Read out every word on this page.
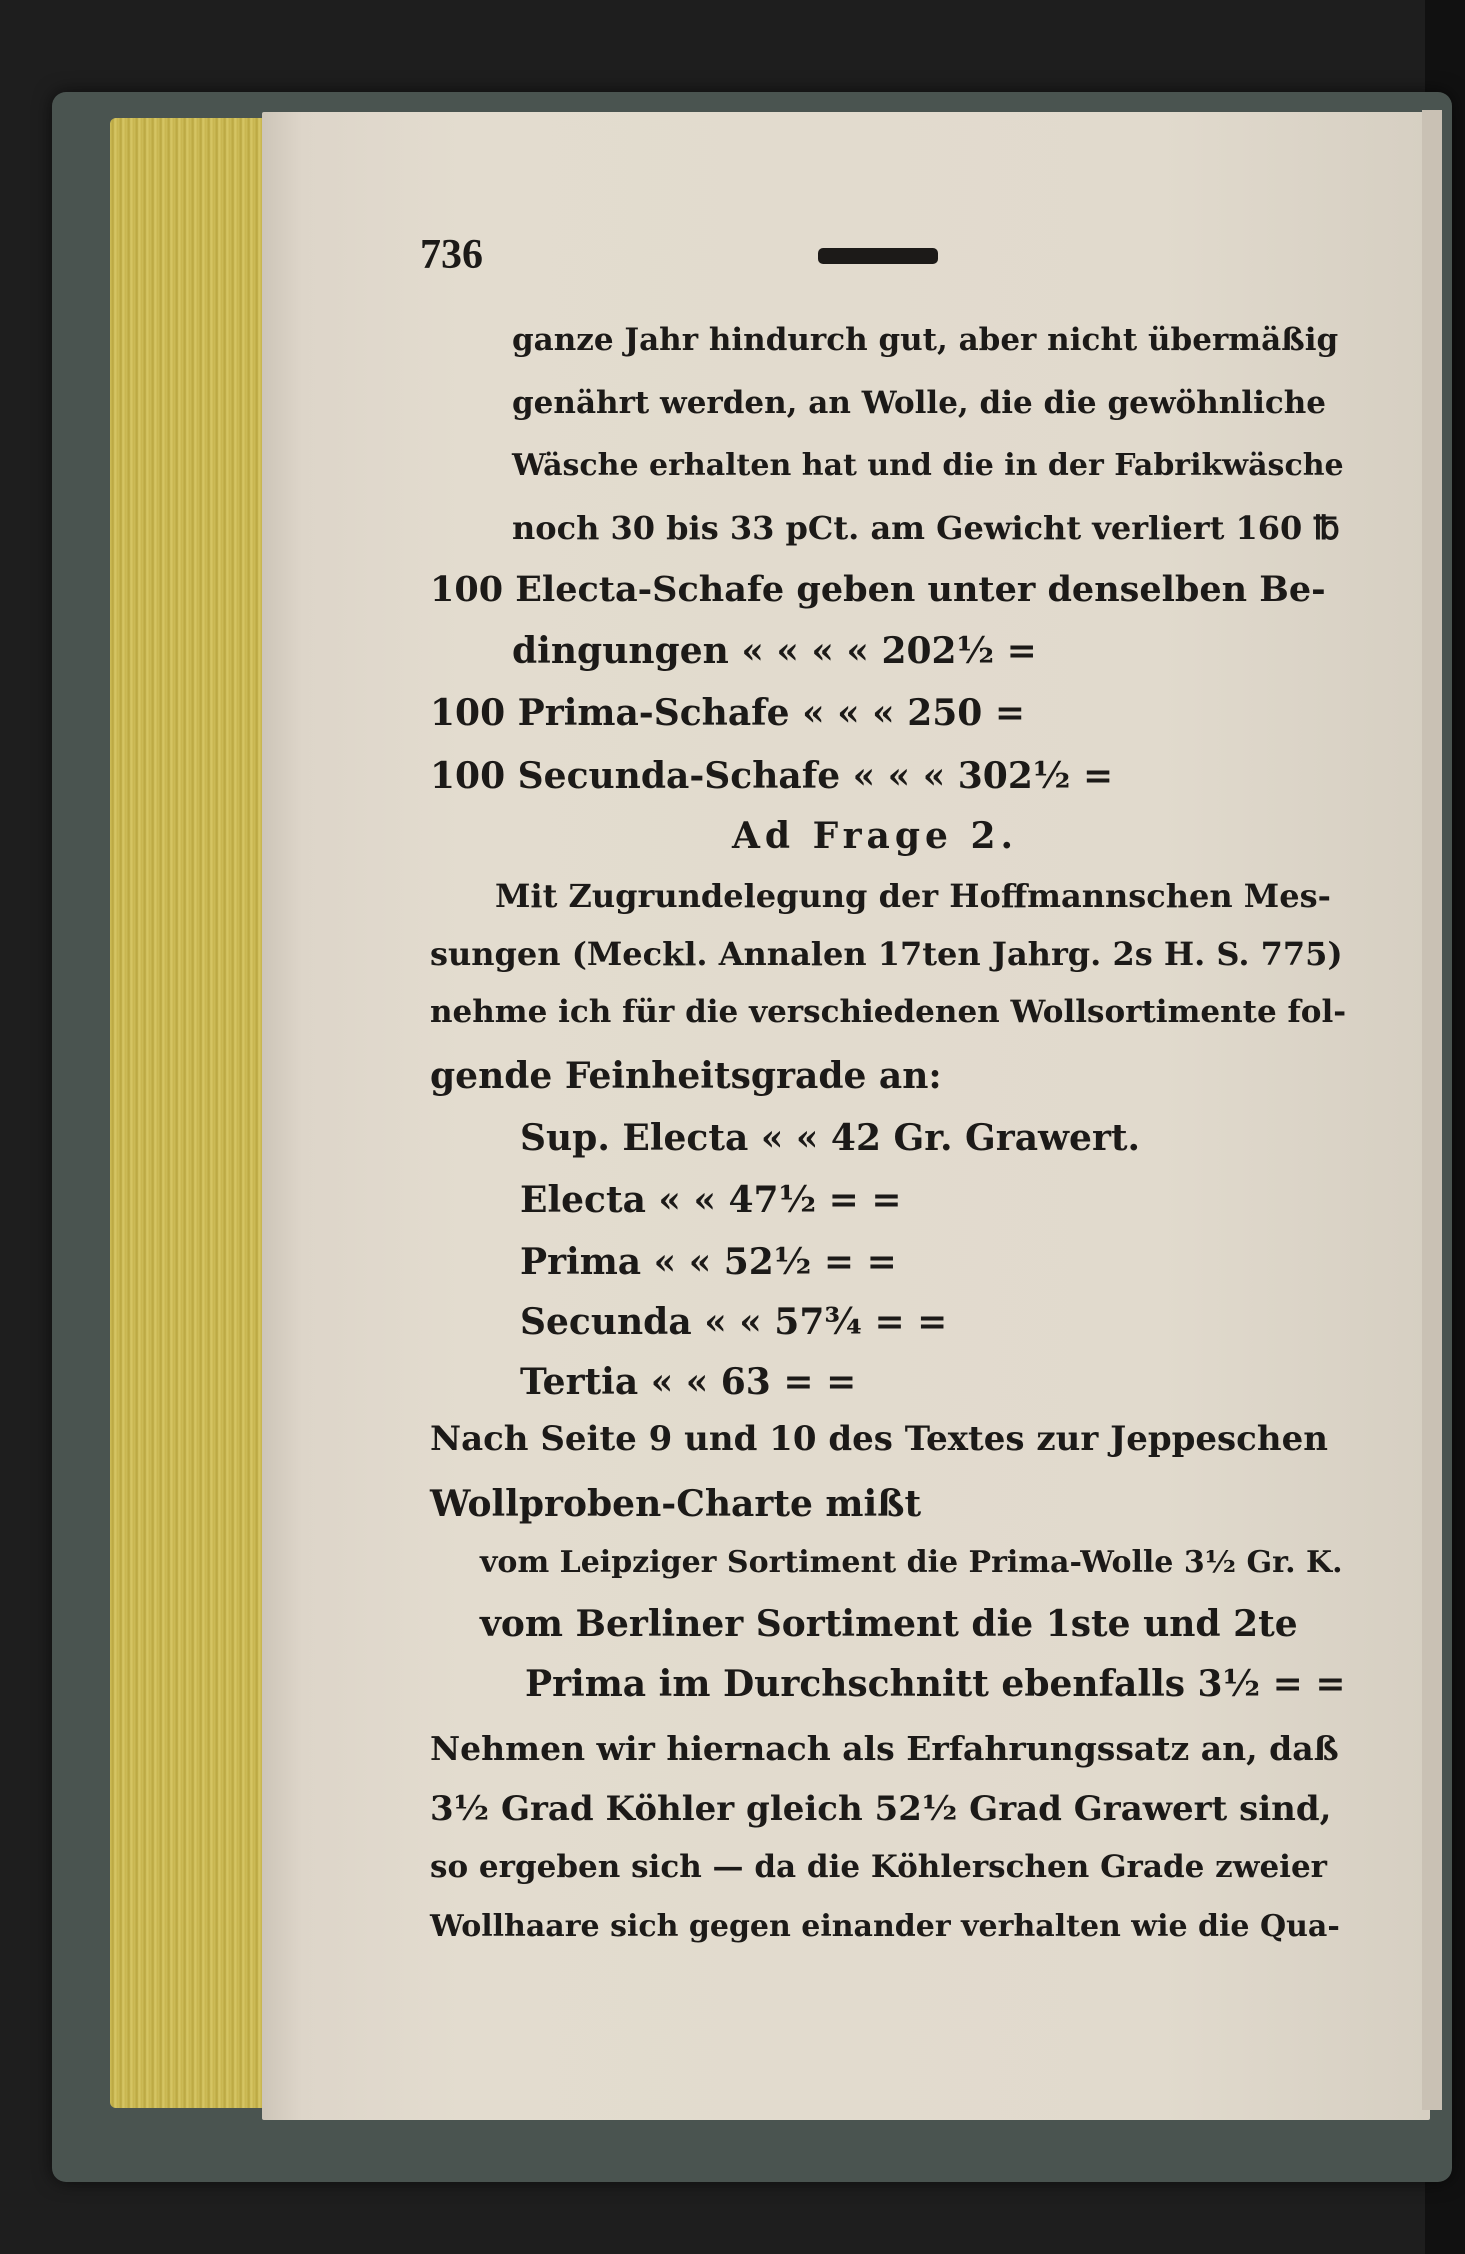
736
ganze Jahr hindurch gut, aber nicht übermäßig
genährt werden, an Wolle, die die gewöhnliche
Wäsche erhalten hat und die in der Fabrikwäsche
noch 30 bis 33 pCt. am Gewicht verliert 160 ℔
100 Electa-Schafe geben unter denselben Be-
dingungen « « « « 202½ =
100 Prima-Schafe « « « 250 =
100 Secunda-Schafe « « « 302½ =
Ad Frage 2.
Mit Zugrundelegung der Hoffmannschen Mes-
sungen (Meckl. Annalen 17ten Jahrg. 2s H. S. 775)
nehme ich für die verschiedenen Wollsortimente fol-
gende Feinheitsgrade an:
Sup. Electa « « 42 Gr. Grawert.
Electa « « 47½ = =
Prima « « 52½ = =
Secunda « « 57¾ = =
Tertia « « 63 = =
Nach Seite 9 und 10 des Textes zur Jeppeschen
Wollproben-Charte mißt
vom Leipziger Sortiment die Prima-Wolle 3½ Gr. K.
vom Berliner Sortiment die 1ste und 2te
Prima im Durchschnitt ebenfalls 3½ = =
Nehmen wir hiernach als Erfahrungssatz an, daß
3½ Grad Köhler gleich 52½ Grad Grawert sind,
so ergeben sich — da die Köhlerschen Grade zweier
Wollhaare sich gegen einander verhalten wie die Qua-
